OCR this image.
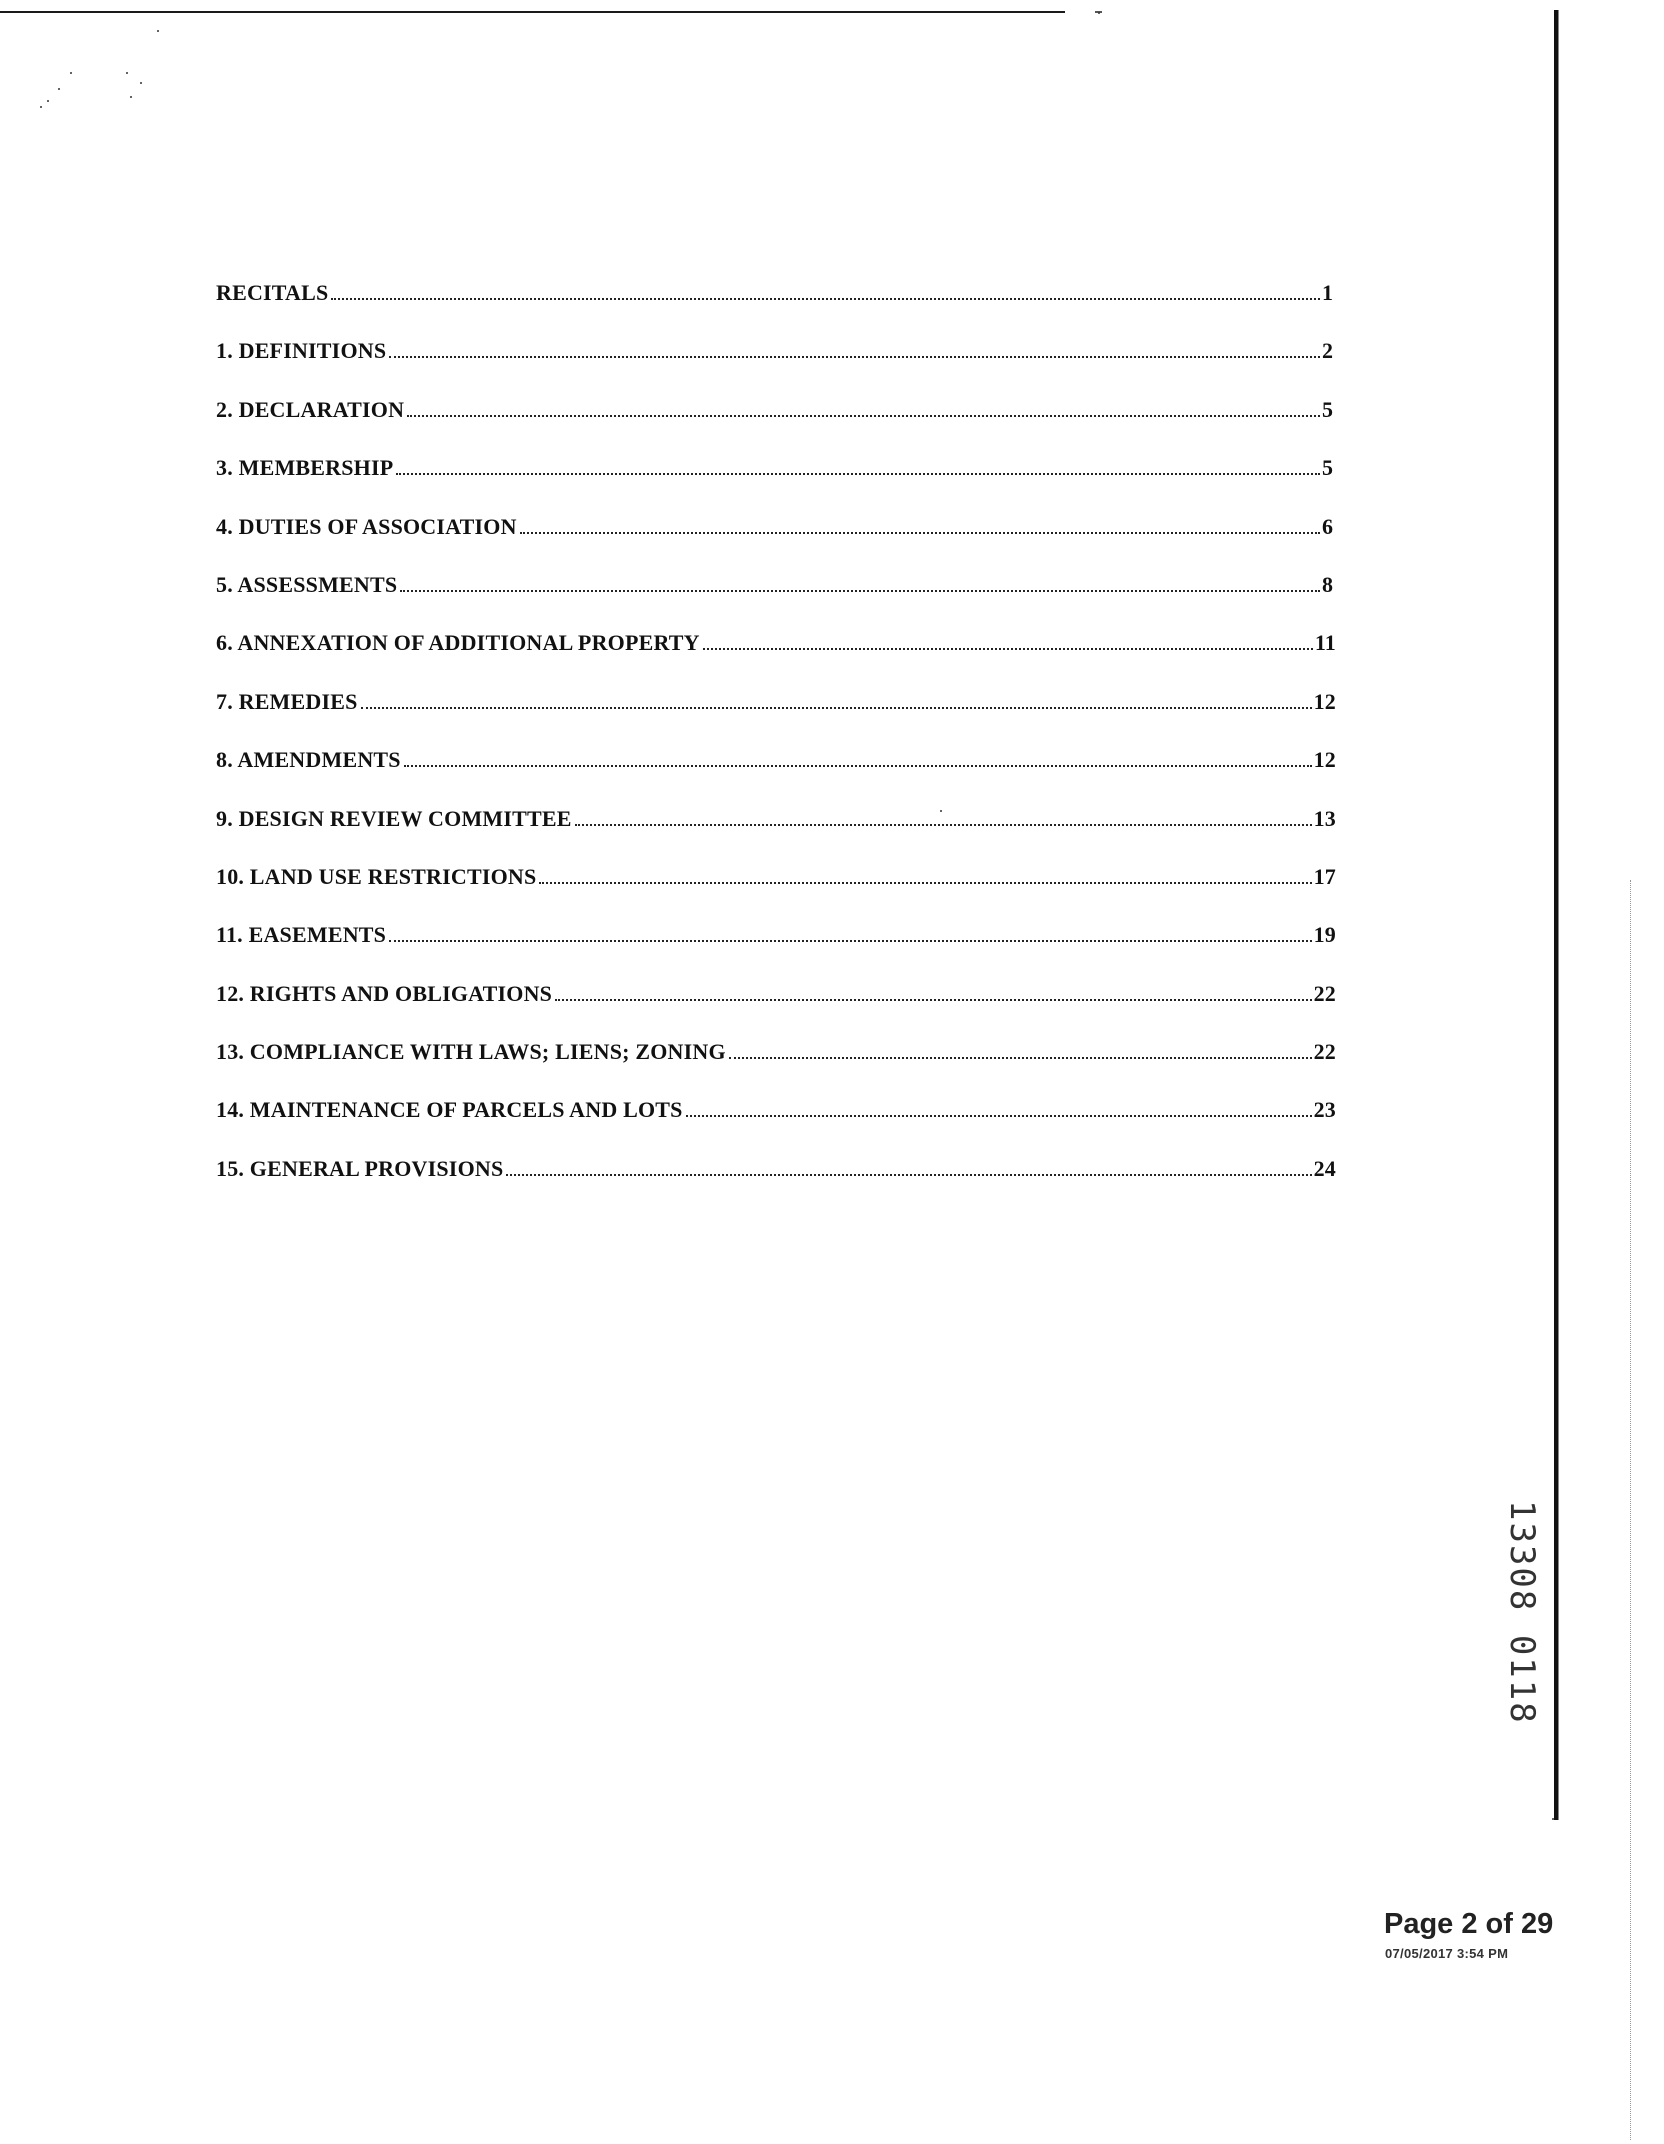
RECITALS	1
1. DEFINITIONS	2
2. DECLARATION	5
3. MEMBERSHIP	5
4. DUTIES OF ASSOCIATION	6
5. ASSESSMENTS	8
6. ANNEXATION OF ADDITIONAL PROPERTY	11
7. REMEDIES	12
8. AMENDMENTS	12
9. DESIGN REVIEW COMMITTEE	13
10. LAND USE RESTRICTIONS	17
11. EASEMENTS	19
12. RIGHTS AND OBLIGATIONS	22
13. COMPLIANCE WITH LAWS; LIENS; ZONING	22
14. MAINTENANCE OF PARCELS AND LOTS	23
15. GENERAL PROVISIONS	24
13308 0118
Page 2 of 29
07/05/2017 3:54 PM
